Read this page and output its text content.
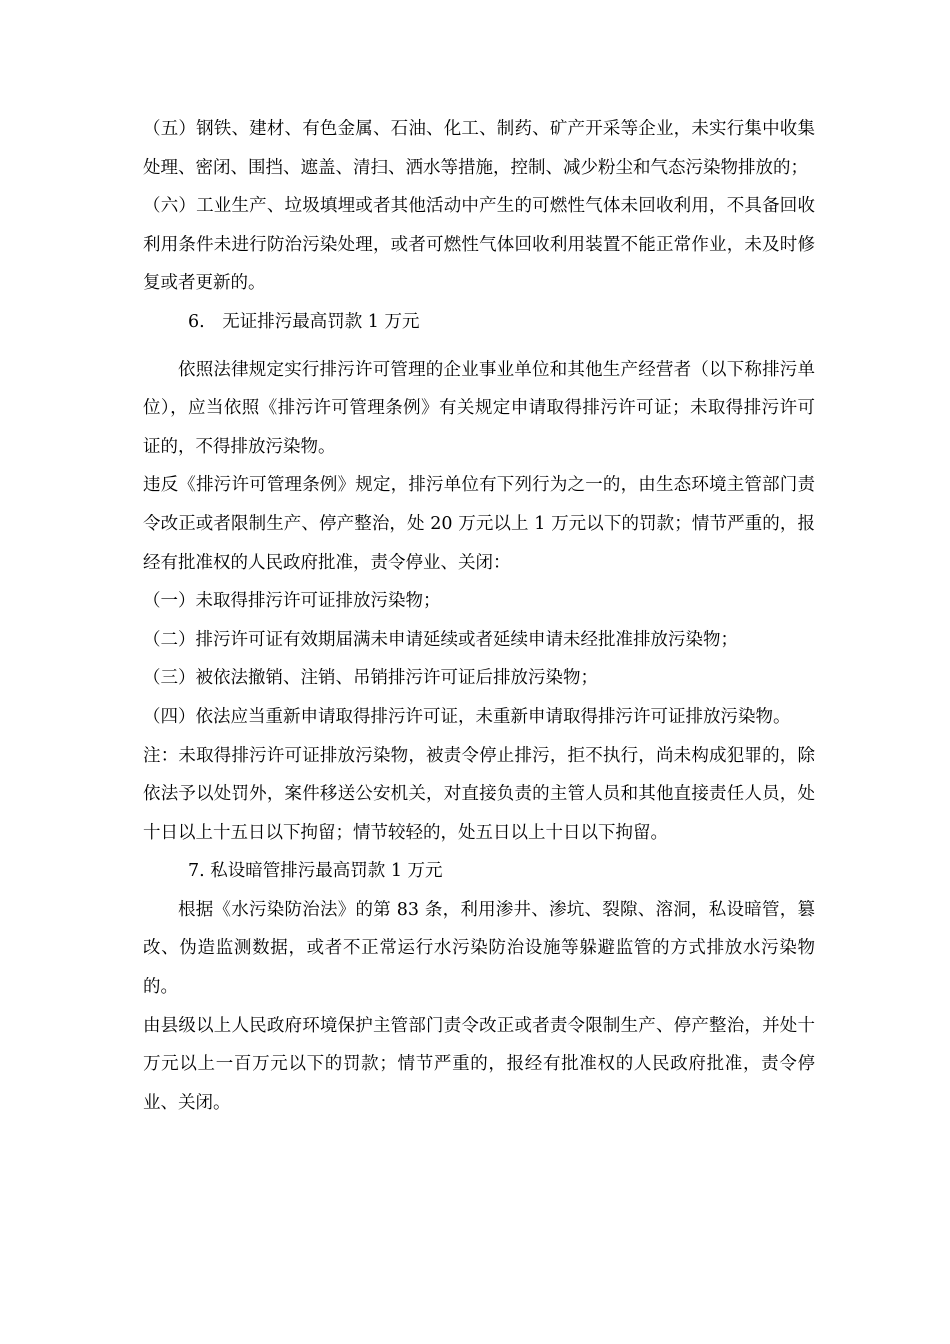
（五）钢铁、建材、有色金属、石油、化工、制药、矿产开采等企业，未实行集中收集处理、密闭、围挡、遮盖、清扫、洒水等措施，控制、减少粉尘和气态污染物排放的；

（六）工业生产、垃圾填埋或者其他活动中产生的可燃性气体未回收利用，不具备回收利用条件未进行防治污染处理，或者可燃性气体回收利用装置不能正常作业，未及时修复或者更新的。

6.　无证排污最高罚款 1 万元

依照法律规定实行排污许可管理的企业事业单位和其他生产经营者（以下称排污单位），应当依照《排污许可管理条例》有关规定申请取得排污许可证；未取得排污许可证的，不得排放污染物。

违反《排污许可管理条例》规定，排污单位有下列行为之一的，由生态环境主管部门责令改正或者限制生产、停产整治，处 20 万元以上 1 万元以下的罚款；情节严重的，报经有批准权的人民政府批准，责令停业、关闭：

（一）未取得排污许可证排放污染物；

（二）排污许可证有效期届满未申请延续或者延续申请未经批准排放污染物；

（三）被依法撤销、注销、吊销排污许可证后排放污染物；

（四）依法应当重新申请取得排污许可证，未重新申请取得排污许可证排放污染物。

注：未取得排污许可证排放污染物，被责令停止排污，拒不执行，尚未构成犯罪的，除依法予以处罚外，案件移送公安机关，对直接负责的主管人员和其他直接责任人员，处十日以上十五日以下拘留；情节较轻的，处五日以上十日以下拘留。

7. 私设暗管排污最高罚款 1 万元

根据《水污染防治法》的第 83 条，利用渗井、渗坑、裂隙、溶洞，私设暗管，篡改、伪造监测数据，或者不正常运行水污染防治设施等躲避监管的方式排放水污染物的。

由县级以上人民政府环境保护主管部门责令改正或者责令限制生产、停产整治，并处十万元以上一百万元以下的罚款；情节严重的，报经有批准权的人民政府批准，责令停业、关闭。
